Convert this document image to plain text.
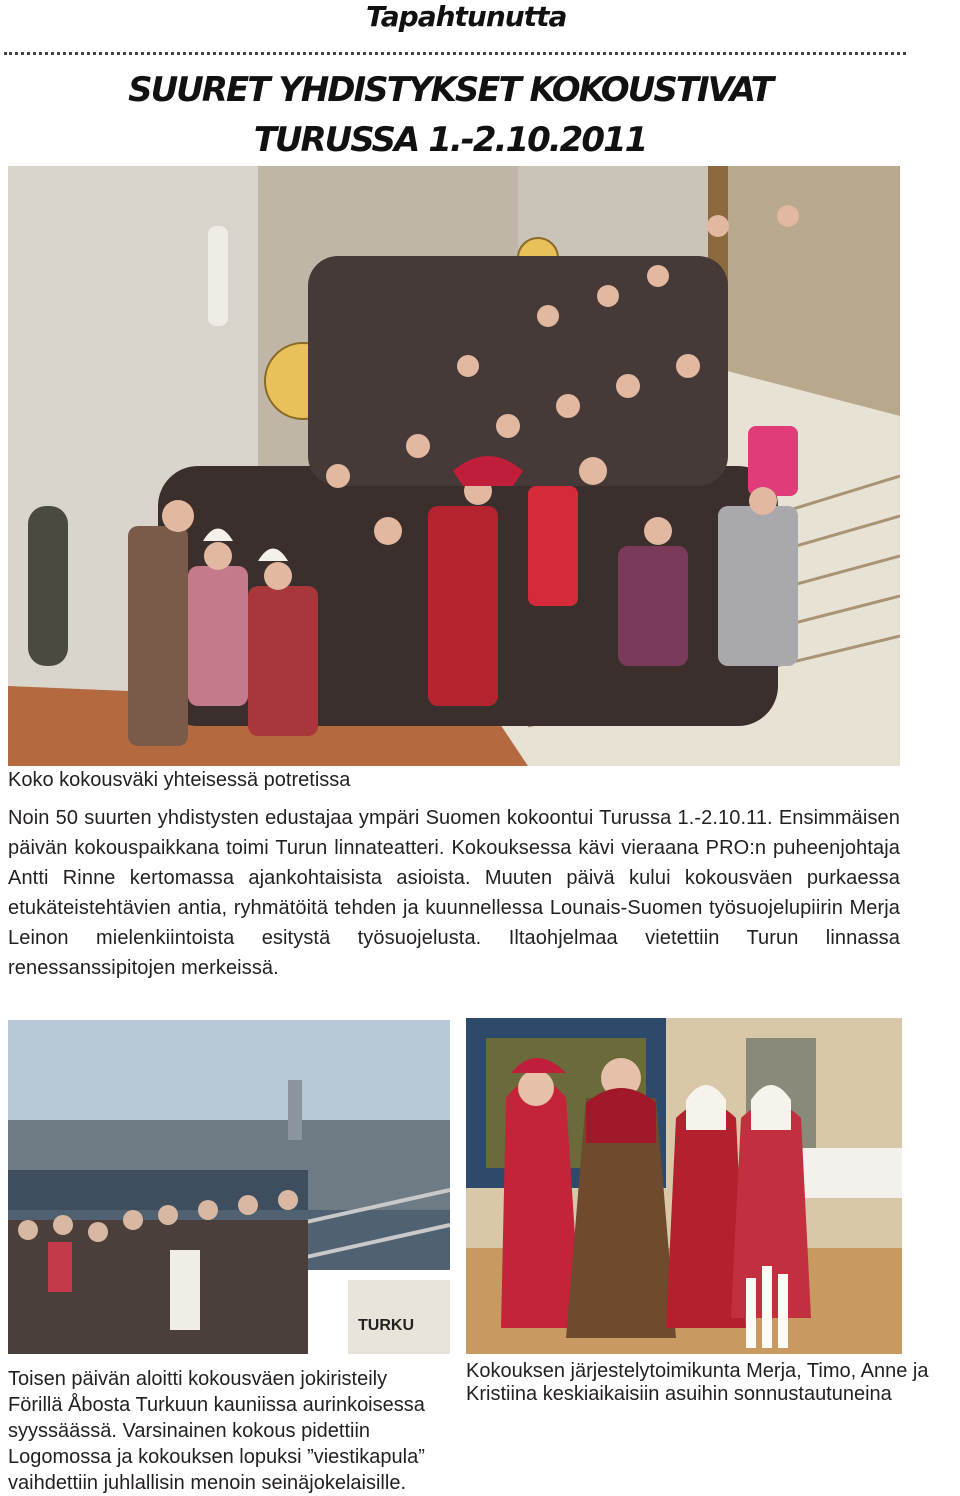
Tapahtunutta
SUURET YHDISTYKSET KOKOUSTIVAT
TURUSSA 1.-2.10.2011
Koko kokousväki yhteisessä potretissa
Noin 50 suurten yhdistysten edustajaa ympäri Suomen kokoontui Turussa 1.-2.10.11. Ensimmäisen päivän kokouspaikkana toimi Turun linnateatteri. Kokouksessa kävi vieraana PRO:n puheenjohtaja Antti Rinne kertomassa ajankohtaisista asioista. Muuten päivä kului kokousväen purkaessa etukäteistehtävien antia, ryhmätöitä tehden ja kuunnellessa Lounais-Suomen työsuojelupiirin Merja Leinon mielenkiintoista esitystä työsuojelusta. Iltaohjelmaa vietettiin Turun linnassa renessanssipitojen merkeissä.
TURKU
Toisen päivän aloitti kokousväen jokiristeily
Förillä Åbosta Turkuun kauniissa aurinkoisessa
syyssäässä. Varsinainen kokous pidettiin
Logomossa ja kokouksen lopuksi ”viestikapula”
vaihdettiin juhlallisin menoin seinäjokelaisille.
Kokouksen järjestelytoimikunta Merja, Timo, Anne ja
Kristiina keskiaikaisiin asuihin sonnustautuneina
